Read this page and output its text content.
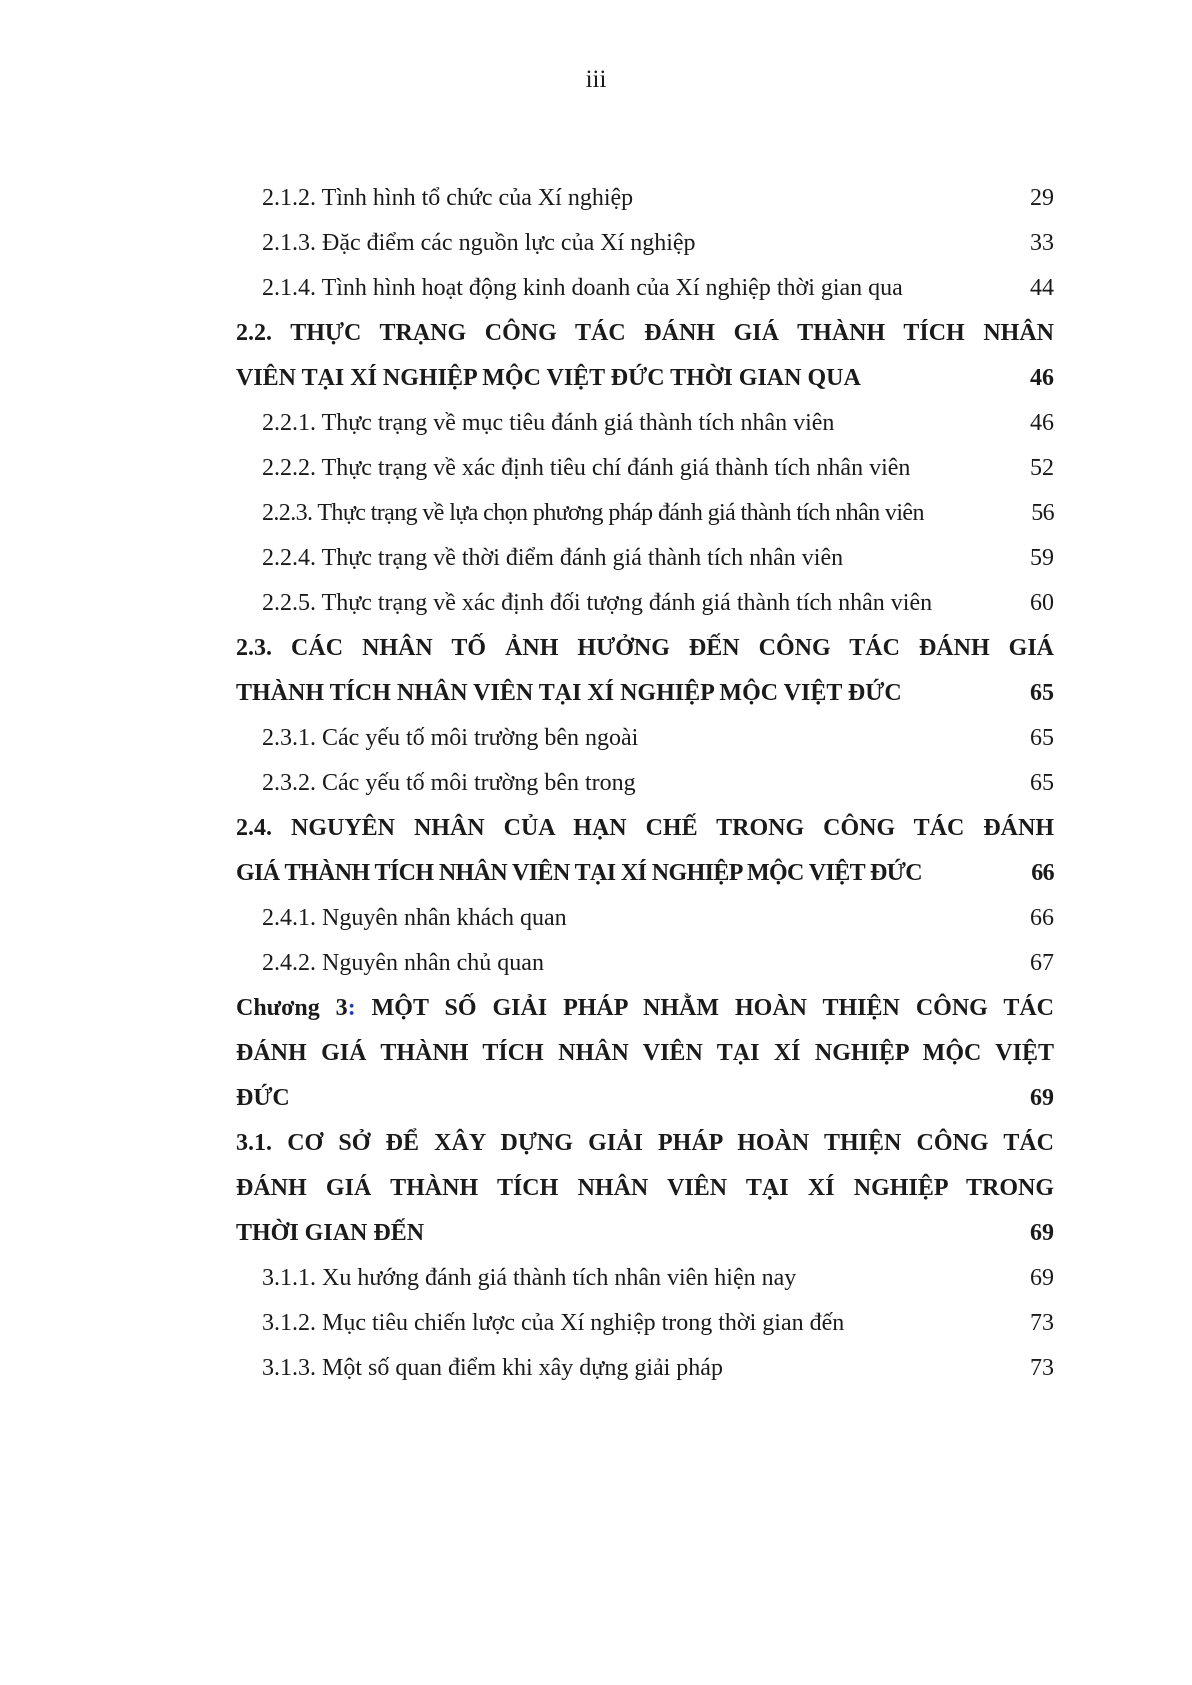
iii
2.1.2. Tình hình tổ chức của Xí nghiệp	29
2.1.3. Đặc điểm các nguồn lực của Xí nghiệp	33
2.1.4. Tình hình hoạt động kinh doanh của Xí nghiệp thời gian qua	44
2.2. THỰC TRẠNG CÔNG TÁC ĐÁNH GIÁ THÀNH TÍCH NHÂN
VIÊN TẠI XÍ NGHIỆP MỘC VIỆT ĐỨC THỜI GIAN QUA	46
2.2.1. Thực trạng về mục tiêu đánh giá thành tích nhân viên	46
2.2.2. Thực trạng về xác định tiêu chí đánh giá thành tích nhân viên	52
2.2.3. Thực trạng về lựa chọn phương pháp đánh giá thành tích nhân viên	56
2.2.4. Thực trạng về thời điểm đánh giá thành tích nhân viên	59
2.2.5. Thực trạng về xác định đối tượng đánh giá thành tích nhân viên	60
2.3. CÁC NHÂN TỐ ẢNH HƯỞNG ĐẾN CÔNG TÁC ĐÁNH GIÁ
THÀNH TÍCH NHÂN VIÊN TẠI XÍ NGHIỆP MỘC VIỆT ĐỨC	65
2.3.1. Các yếu tố môi trường bên ngoài	65
2.3.2. Các yếu tố môi trường bên trong	65
2.4. NGUYÊN NHÂN CỦA HẠN CHẾ TRONG CÔNG TÁC ĐÁNH
GIÁ THÀNH TÍCH NHÂN VIÊN TẠI XÍ NGHIỆP MỘC VIỆT ĐỨC	66
2.4.1. Nguyên nhân khách quan	66
2.4.2. Nguyên nhân chủ quan	67
Chương 3: MỘT SỐ GIẢI PHÁP NHẰM HOÀN THIỆN CÔNG TÁC
ĐÁNH GIÁ THÀNH TÍCH NHÂN VIÊN TẠI XÍ NGHIỆP MỘC VIỆT
ĐỨC	69
3.1. CƠ SỞ ĐỂ XÂY DỰNG GIẢI PHÁP HOÀN THIỆN CÔNG TÁC
ĐÁNH GIÁ THÀNH TÍCH NHÂN VIÊN TẠI XÍ NGHIỆP TRONG
THỜI GIAN ĐẾN	69
3.1.1. Xu hướng đánh giá thành tích nhân viên hiện nay	69
3.1.2. Mục tiêu chiến lược của Xí nghiệp trong thời gian đến	73
3.1.3. Một số quan điểm khi xây dựng giải pháp	73
